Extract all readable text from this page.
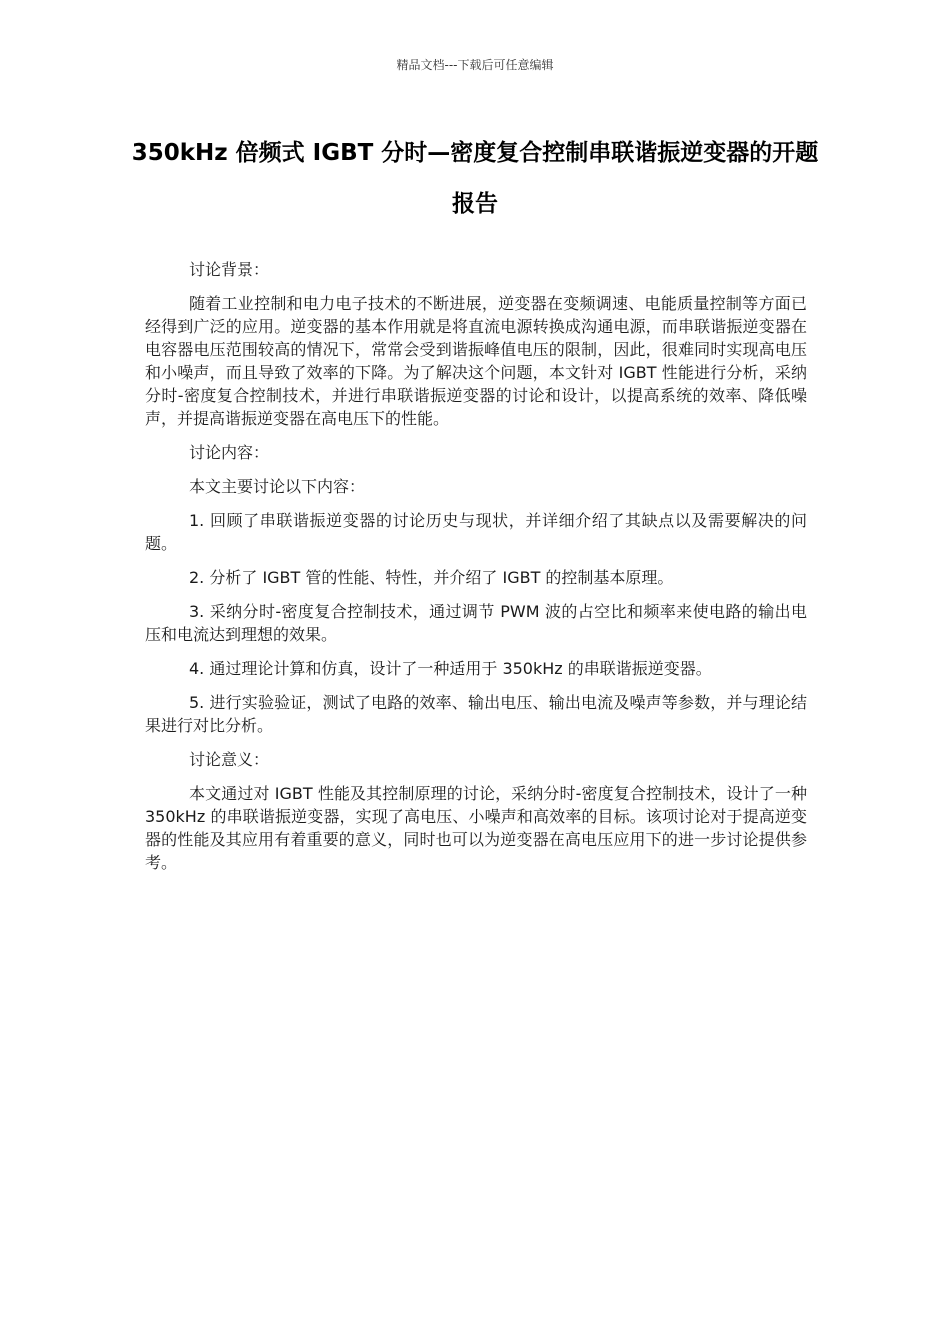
精品文档---下载后可任意编辑
350kHz 倍频式 IGBT 分时—密度复合控制串联谐振逆变器的开题报告

讨论背景：

随着工业控制和电力电子技术的不断进展，逆变器在变频调速、电能质量控制等方面已经得到广泛的应用。逆变器的基本作用就是将直流电源转换成沟通电源，而串联谐振逆变器在电容器电压范围较高的情况下，常常会受到谐振峰值电压的限制，因此，很难同时实现高电压和小噪声，而且导致了效率的下降。为了解决这个问题，本文针对 IGBT 性能进行分析，采纳分时-密度复合控制技术，并进行串联谐振逆变器的讨论和设计，以提高系统的效率、降低噪声，并提高谐振逆变器在高电压下的性能。

讨论内容：

本文主要讨论以下内容：

1. 回顾了串联谐振逆变器的讨论历史与现状，并详细介绍了其缺点以及需要解决的问题。

2. 分析了 IGBT 管的性能、特性，并介绍了 IGBT 的控制基本原理。

3. 采纳分时-密度复合控制技术，通过调节 PWM 波的占空比和频率来使电路的输出电压和电流达到理想的效果。

4. 通过理论计算和仿真，设计了一种适用于 350kHz 的串联谐振逆变器。

5. 进行实验验证，测试了电路的效率、输出电压、输出电流及噪声等参数，并与理论结果进行对比分析。

讨论意义：

本文通过对 IGBT 性能及其控制原理的讨论，采纳分时-密度复合控制技术，设计了一种 350kHz 的串联谐振逆变器，实现了高电压、小噪声和高效率的目标。该项讨论对于提高逆变器的性能及其应用有着重要的意义，同时也可以为逆变器在高电压应用下的进一步讨论提供参考。
